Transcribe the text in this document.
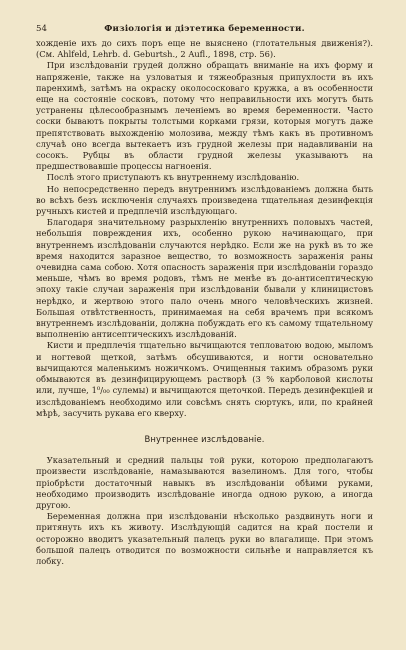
54	Физiологiя и дiэтетика беременности.

хожденiе ихъ до сихъ поръ еще не выяснено (глотательныя движенiя?). (См. Ahlfeld, Lehrb. d. Geburtsh., 2 Aufl., 1898, стр. 56).

При изслѣдованiи грудей должно обращать вниманiе на ихъ форму и напряженiе, также на узловатыя и тяжеобразныя припухлости въ ихъ паренхимѣ, затѣмъ на окраску околососковаго кружка, а въ особенности еще на состоянiе сосковъ, потому что неправильности ихъ могутъ быть устранены цѣлесообразнымъ леченiемъ во время беременности. Часто соски бываютъ покрыты толстыми корками грязи, которыя могутъ даже препятствовать выхожденiю молозива, между тѣмъ какъ въ противномъ случаѣ оно всегда вытекаетъ изъ грудной железы при надавливанiи на сосокъ. Рубцы въ области грудной железы указываютъ на предшествовавшiе процессы нагноенiя.

Послѣ этого приступаютъ къ внутреннему изслѣдованiю.

Но непосредственно передъ внутреннимъ изслѣдованiемъ должна быть во всѣхъ безъ исключенiя случаяхъ произведена тщательная дезинфекцiя ручныхъ кистей и предплечiй изслѣдующаго.

Благодаря значительному разрыхленiю внутреннихъ половыхъ частей, небольшiя повреждения ихъ, особенно рукою начинающаго, при внутреннемъ изслѣдованiи случаются нерѣдко. Если же на рукѣ въ то же время находится заразное вещество, то возможность зараженiя раны очевидна сама собою. Хотя опасность зараженiя при изслѣдованiи гораздо меньше, чѣмъ во время родовъ, тѣмъ не менѣе въ до-антисептическую эпоху такiе случаи зараженiя при изслѣдованiи бывали у клиницистовъ нерѣдко, и жертвою этого пало очень много человѣческихъ жизней. Большая отвѣтственность, принимаемая на себя врачемъ при всякомъ внутреннемъ изслѣдованiи, должна побуждать его къ самому тщательному выполненiю антисептическихъ изслѣдованiй.

Кисти и предплечiя тщательно вычищаются тепловатою водою, мыломъ и ногтевой щеткой, затѣмъ обсушиваются, и ногти основательно вычищаются маленькимъ ножичкомъ. Очищенныя такимъ образомъ руки обмываются въ дезинфицирующемъ растворѣ (3 % карболовой кислоты или, лучше, 1⁰/₀₀ сулемы) и вычищаются щеточкой. Передъ дезинфекцiей и изслѣдованiемъ необходимо или совсѣмъ снять сюртукъ, или, по крайней мѣрѣ, засучить рукава его кверху.

Внутреннее изслѣдованiе.

Указательный и средний пальцы той руки, которою предполагаютъ произвести изслѣдованiе, намазываются вазелиномъ. Для того, чтобы прiобрѣсти достаточный навыкъ въ изслѣдованiи обѣими руками, необходимо производить изслѣдованiе иногда одною рукою, а иногда другою.

Беременная должна при изслѣдованiи нѣсколько раздвинуть ноги и притянуть ихъ къ животу. Изслѣдующiй садится на край постели и осторожно вводитъ указательный палецъ руки во влагалище. При этомъ большой палецъ отводится по возможности сильнѣе и направляется къ лобку.
